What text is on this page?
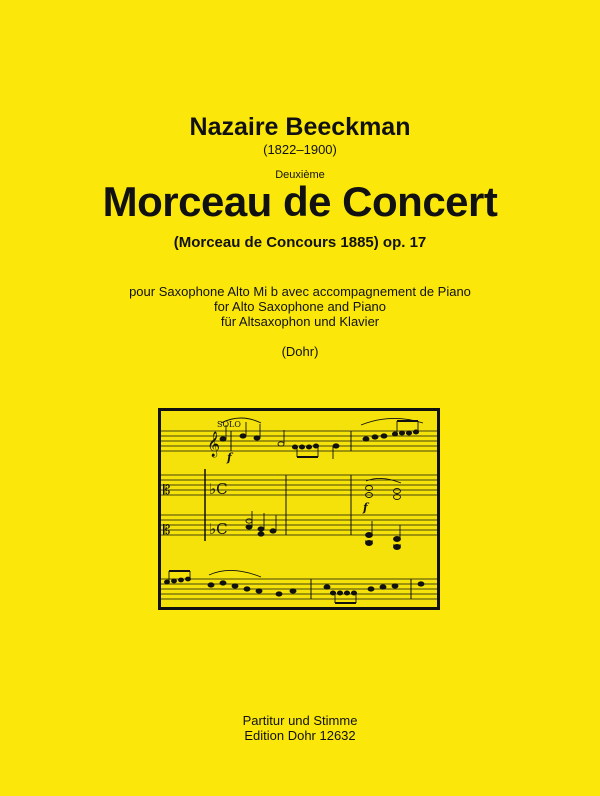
Nazaire Beeckman
(1822–1900)
Deuxième
Morceau de Concert
(Morceau de Concours 1885) op. 17
pour Saxophone Alto Mi b avec accompagnement de Piano
for Alto Saxophone and Piano
für Altsaxophon und Klavier
(Dohr)
𝄞
♭C
𝄡
𝄡	♭C
SOLO
f
f
Partitur und Stimme
Edition Dohr 12632
